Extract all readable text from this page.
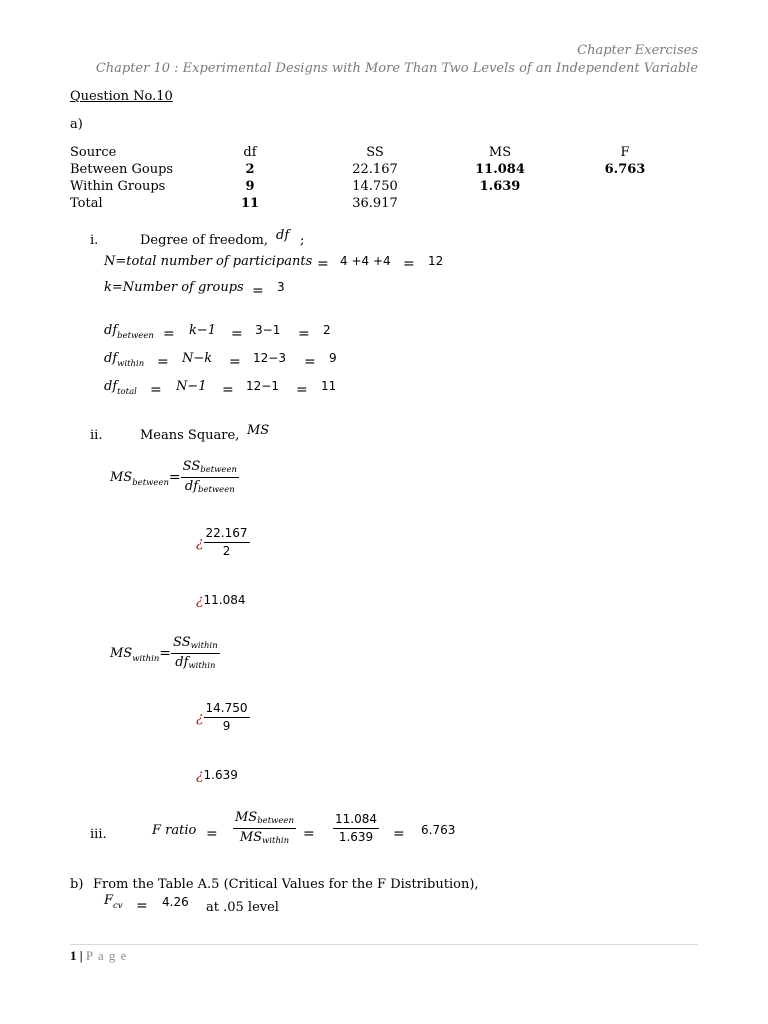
Chapter Exercises
Chapter 10 : Experimental Designs with More Than Two Levels of an Independent Variable
Question No.10
a)
Source	df	SS	MS	F
Between Goups	2	22.167	11.084	6.763
Within Groups	9	14.750	1.639	
Total	11	36.917		
i.	Degree of freedom, df ;
N=total number of participants = 4 +4 +4 = 12
k=Number of groups = 3
$df_{between} = k-1 = 3-1 = 2$
$df_{within} = N-k = 12-3 = 9$
$df_{total} = N-1 = 12-1 = 11$
ii.	Means Square, MS
$MS_{between}= \frac{\text{SSbetween}}{\text{dfbetween}}$
¿ $\frac{22.167}{2}$
¿11.084
$MS_{within}= \frac{\text{SSwithin}}{\text{dfwithin}}$
¿ $\frac{14.750}{9}$
¿1.639
iii.	F ratio = $\frac{\text{MSbetween}}{\text{MSwithin}} = \frac{11.084}{1.639} = 6.763$
b) From the Table A.5 (Critical Values for the F Distribution),
$F_{cv} = 4.26$ at .05 level
1 | P a g e
